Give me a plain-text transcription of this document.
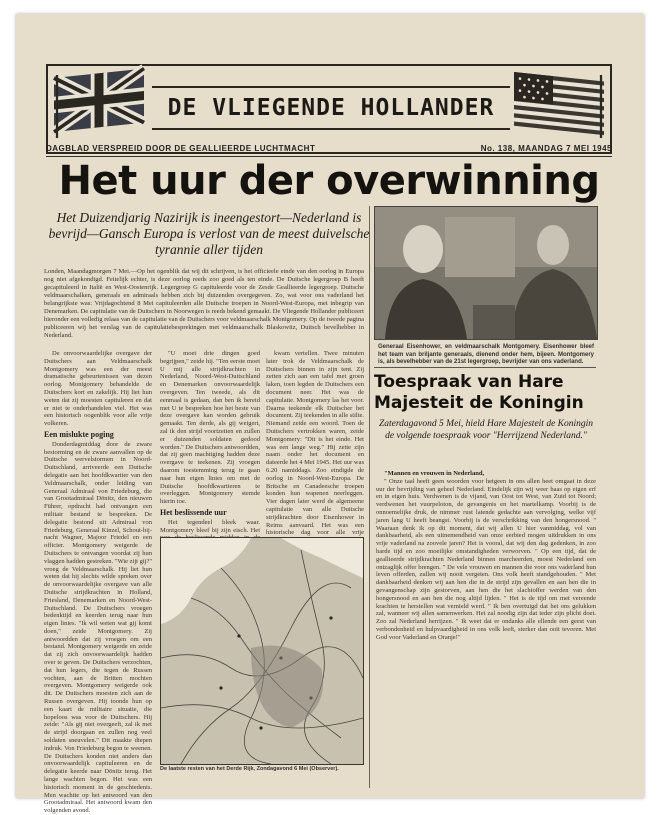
DE VLIEGENDE HOLLANDER
DAGBLAD VERSPREID DOOR DE GEALLIEERDE LUCHTMACHT	No. 138, MAANDAG 7 MEI 1945
Het uur der overwinning
Het Duizendjarig Nazirijk is ineengestort—Nederland is bevrijd—Gansch Europa is verlost van de meest duivelsche tyrannie aller tijden
Londen, Maandagmorgen 7 Mei.—Op het ogenblik dat wij dit schrijven, is het officieele einde van den oorlog in Europa nog niet afgekondigd. Feitelijk echter, is deze oorlog reeds zoo goed als ten einde. De Duitsche legergroep B heeft gecapituleerd in Italië en West-Oostenrijk. Legergroep G capituleerde voor de Zesde Geallieerde legergroep. Duitsche veldmaarschalken, generaals en admiraals hebben zich bij duizenden overgegeven. Zo, wat voor ons vaderland het belangrijkste was: Vrijdagochtend 8 Mei capituleerden alle Duitsche troepen in Noord-West-Europa, met inbegrip van Denemarken. De capitulatie van de Duitschers in Noorwegen is reeds bekend gemaakt. De Vliegende Hollander publiceert hieronder een volledig relaas van de capitulatie van de Duitschers voor veldmaarschalk Montgomery. Op de tweede pagina publiceeren wij het verslag van de capitulatiebesprekingen met veldmaarschalk Blaskowitz, Duitsch bevelhebber in Nederland.
Generaal Eisenhower, en veldmaarschalk Montgomery. Eisenhower bleef het team van briljante generaals, dienend onder hem, bijeen. Montgomery is, als bevelhebber van de 21st legergroep, bevrijder van ons vaderland.
Toespraak van Hare Majesteit de Koningin
Zaterdagavond 5 Mei, hield Hare Majesteit de Koningin de volgende toespraak voor "Herrijzend Nederland."

"Mannen en vrouwen in Nederland,

" Onze taal heeft geen woorden voor hetgeen in ons allen heet omgaat in deze uur der bevrijding van geheel Nederland. Eindelijk zijn wij weer baas op eigen erf en in eigen huis. Verdwenen is de vijand, van Oost tot West, van Zuid tot Noord; verdwenen het vuurpeloton, de gevangenis en het martelkamp. Voorbij is de onnoemelijke druk, de nimmer rust latende gedachte aan vervolging, welke vijf jaren lang U heeft beangst. Voorbij is de verschrikking van den hongersnood. " Waaraan denk ik op dit moment, dat wij allen U hier vanmiddag, vol van dankbaarheid, als een uitnemendheid van onze eerbied mogen uitdrukken in ons vrije vaderland na zoovele jaren? Het is vooral, dat wij den dag gedenken, in zoo harde tijd en zoo moeilijke omstandigheden verworven. " Op een tijd, dat de geallieerde strijdkrachten Nederland binnen marcheerden, moest Nederland een ontzaglijk offer brengen. " De vele vrouwen en mannen die voor ons vaderland hun leven offerden, zullen wij nooit vergeten. Ons volk heeft standgehouden. " Met dankbaarheid denken wij aan hen die in de strijd zijn gevallen en aan hen die in gevangenschap zijn gestorven, aan hen die het slachtoffer werden van den hongersnood en aan hen die nog altijd lijden. " Het is de tijd om met vereende krachten te herstellen wat vernield werd. " Ik ben overtuigd dat het ons gelukken zal, wanneer wij allen samenwerken. Het zal noodig zijn dat ieder zijn plicht doet. Zoo zal Nederland herrijzen. " Ik weet dat er ondanks alle ellende een geest van verbondenheid en hulpvaardigheid in ons volk leeft, sterker dan ooit tevoren. Met God voor Vaderland en Oranje!"

De onvoorwaardelijke overgave der Duitschers aan Veldmaarschalk Montgomery was een der meest dramatische gebeurtenissen van dezen oorlog. Montgomery behandelde de Duitschers kort en zakelijk. Hij liet hun weten dat zij moesten capituleren en dat er niet te onderhandelen viel. Het was een historisch oogenblik voor alle vrije volkeren.

Een mislukte poging

Donderdagmiddag door de zware bestorming en de zware aanvallen op de Duitsche wervelstormen in Noord-Duitschland, arriveerde een Duitsche delegatie aan het hoofdkwartier van den Veldmaarschalk, onder leiding van Generaal Admiraal von Friedeburg, die van Grootadmiraal Dönitz, den nieuwen Führer, opdracht had ontvangen een militair bestand te bespreken. De delegatie bestond uit Admiraal von Friedeburg, Generaal Kinzel, Schout-bij-nacht Wagner, Majoor Friedel en een officier. Montgomery weigerde de Duitschers te ontvangen voordat zij hun vlaggen hadden gestreken. "Wie zijt gij?" vroeg de Veldmaarschalk. Hij liet hun weten dat hij slechts wilde spreken over de onvoorwaardelijke overgave van alle Duitsche strijdkrachten in Holland, Friesland, Denemarken en Noord-West-Duitschland. De Duitschers vroegen bedenktijd en keerden terug naar hun eigen linies. "Ik wil weten wat gij komt doen," zeide Montgomery. Zij antwoordden dat zij vroegen om een bestand. Montgomery weigerde en zeide dat zij zich onvoorwaardelijk hadden over te geven. De Duitschers verzochten, dat hun legers, die tegen de Russen vochten, aan de Britten mochten overgeven. Montgomery weigerde ook dit. De Duitschers moesten zich aan de Russen overgeven. Hij toonde hun op een kaart de militaire situatie, die hopeloos was voor de Duitschers. Hij zeide: "Als gij niet overgeeft, zal ik met de strijd doorgaan en zullen nog veel soldaten sneuvelen." Dit maakte diepen indruk. Von Friedeburg begon te weenen. De Duitschers konden niet anders dan onvoorwaardelijk capituleeren en de delegatie keerde naar Dönitz terug. Het lange wachten begon. Het was een historisch moment in de geschiedenis. Men wachtte op het antwoord van den Grootadmiraal. Het antwoord kwam den volgenden avond.

"U moet drie dingen goed begrijpen," zeide hij. "Ten eerste moet U mij alle strijdkrachten in Nederland, Noord-West-Duitschland en Denemarken onvoorwaardelijk overgeven. Ten tweede, als dit eenmaal is gedaan, dan ben ik bereid met U te bespreken hoe het beste van deze overgave kan worden gebruik gemaakt. Ten derde, als gij weigert, zal ik den strijd voortzetten en zullen er duizenden soldaten gedood worden." De Duitschers antwoordden, dat zij geen machtiging hadden deze overgave te teekenen. Zij vroegen daarom toestemming terug te gaan naar hun eigen linies om met de Duitsche hoofdkwartieren te overleggen. Montgomery stemde hierin toe.

Het beslissende uur

Het tegendeel bleek waar. Montgomery bleef bij zijn eisch. Het

kwam vertellen. Twee minuten later trok de Veldmaarschalk de Duitschers binnen in zijn tent. Zij zetten zich aan een tafel met groen laken, toen legden de Duitschers een document neer. Het was de capitulatie. Montgomery las het voor. Daarna teekende elk Duitscher het document. Zij teekenden in alle stilte. Niemand zeide een woord. Toen de Duitschers vertrokken waren, zeide Montgomery: "Dit is het einde. Het was een lange weg." Hij zette zijn naam onder het document en dateerde het 4 Mei 1945. Het uur was 6.20 namiddags. Zoo eindigde de oorlog in Noord-West-Europa. De Britsche en Canadeesche troepen konden hun wapenen neerleggen. Vier dagen later werd de algemeene capitulatie van alle Duitsche strijdkrachten door Eisenhower in Reims aanvaard. Het was een historische dag voor alle vrije

De laatste resten van het Derde Rijk, Zondagavond 6 Mei (Observer).
